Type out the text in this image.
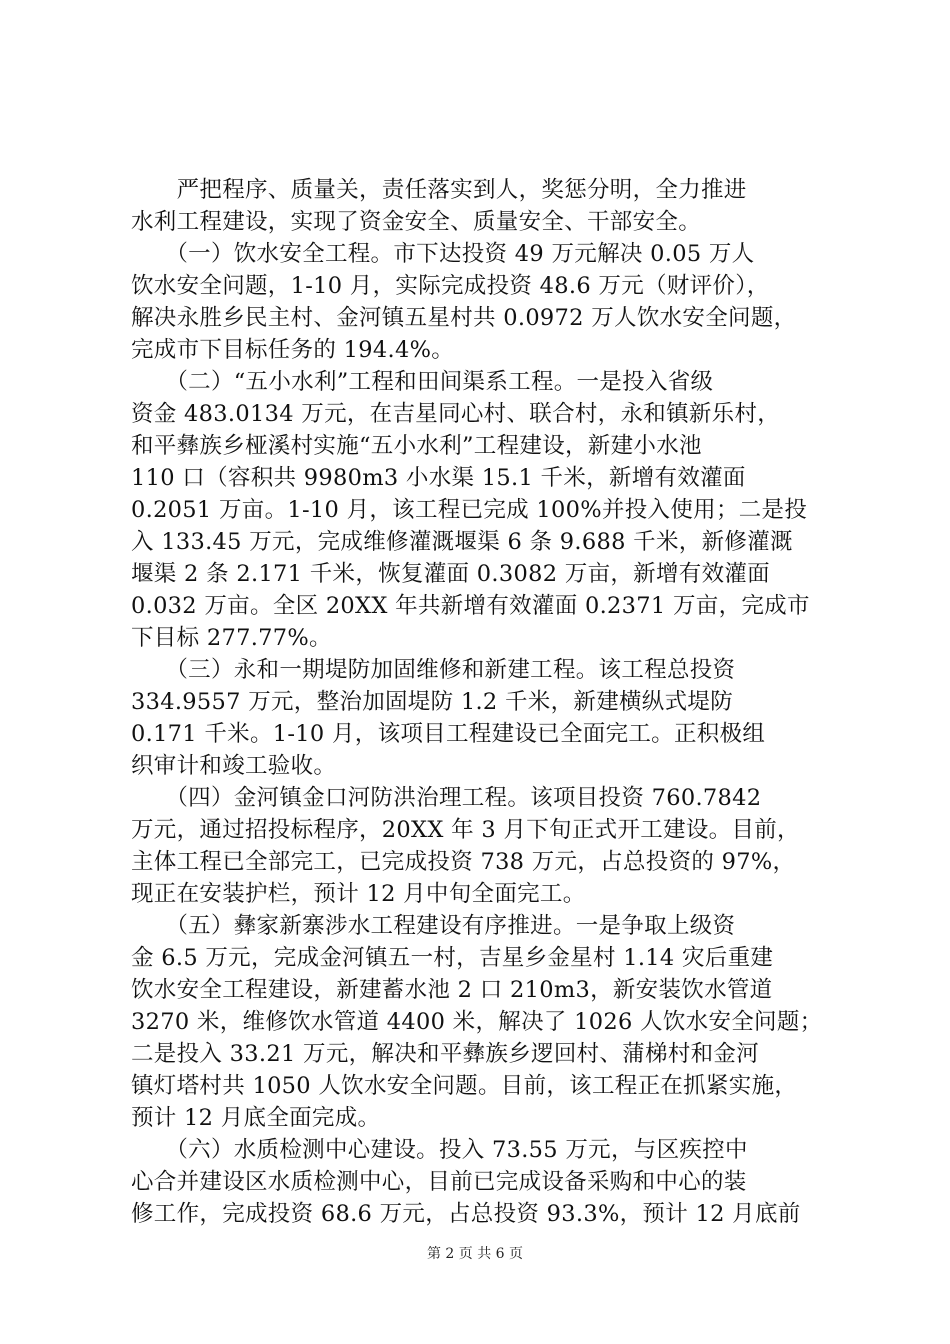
　　严把程序、质量关，责任落实到人，奖惩分明，全力推进
水利工程建设，实现了资金安全、质量安全、干部安全。
　　（一）饮水安全工程。市下达投资 49 万元解决 0.05 万人
饮水安全问题，1-10 月，实际完成投资 48.6 万元（财评价），
解决永胜乡民主村、金河镇五星村共 0.0972 万人饮水安全问题，
完成市下目标任务的 194.4%。
　　（二）“五小水利”工程和田间渠系工程。一是投入省级
资金 483.0134 万元，在吉星同心村、联合村，永和镇新乐村，
和平彝族乡桠溪村实施“五小水利”工程建设，新建小水池
110 口（容积共 9980m3 小水渠 15.1 千米，新增有效灌面
0.2051 万亩。1-10 月，该工程已完成 100%并投入使用；二是投
入 133.45 万元，完成维修灌溉堰渠 6 条 9.688 千米，新修灌溉
堰渠 2 条 2.171 千米，恢复灌面 0.3082 万亩，新增有效灌面
0.032 万亩。全区 20XX 年共新增有效灌面 0.2371 万亩，完成市
下目标 277.77%。
　　（三）永和一期堤防加固维修和新建工程。该工程总投资
334.9557 万元，整治加固堤防 1.2 千米，新建横纵式堤防
0.171 千米。1-10 月，该项目工程建设已全面完工。正积极组
织审计和竣工验收。
　　（四）金河镇金口河防洪治理工程。该项目投资 760.7842
万元，通过招投标程序，20XX 年 3 月下旬正式开工建设。目前，
主体工程已全部完工，已完成投资 738 万元，占总投资的 97%，
现正在安装护栏，预计 12 月中旬全面完工。
　　（五）彝家新寨涉水工程建设有序推进。一是争取上级资
金 6.5 万元，完成金河镇五一村，吉星乡金星村 1.14 灾后重建
饮水安全工程建设，新建蓄水池 2 口 210m3，新安装饮水管道
3270 米，维修饮水管道 4400 米，解决了 1026 人饮水安全问题；
二是投入 33.21 万元，解决和平彝族乡逻回村、蒲梯村和金河
镇灯塔村共 1050 人饮水安全问题。目前，该工程正在抓紧实施，
预计 12 月底全面完成。
　　（六）水质检测中心建设。投入 73.55 万元，与区疾控中
心合并建设区水质检测中心，目前已完成设备采购和中心的装
修工作，完成投资 68.6 万元，占总投资 93.3%，预计 12 月底前
第 2 页 共 6 页
